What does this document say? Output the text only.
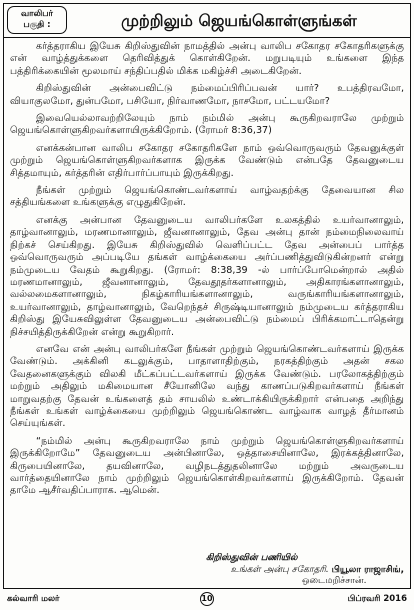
வாலிபர்
பகுதி :	முற்றிலும் ஜெயங்கொள்ளுங்கள்

கர்த்தராகிய இயேசு கிறிஸ்துவின் நாமத்தில் அன்பு வாலிப சகோதர சகோதரிகளுக்கு என் வாழ்த்துக்களை தெரிவித்துக் கொள்கிறேன். மறுபடியும் உங்களை இந்த பத்திரிக்கையின் மூலமாய் சந்திப்பதில் மிக்க மகிழ்ச்சி அடைகிறேன்.

கிறிஸ்துவின் அன்பைவிட்டு நம்மைப்பிரிப்பவன் யார்? உபத்திரவமோ, வியாகுலமோ, துன்பமோ, பசியோ, நிர்வாணமோ, நாசமோ, பட்டயமோ?

இவையெல்லாவற்றிலேயும் நாம் நம்மில் அன்பு கூருகிறவராலே முற்றும் ஜெயங்கொள்ளுகிறவர்களாயிருக்கிறோம். (ரோமர் 8:36,37)

எனக்கன்பான வாலிப சகோதர சகோதரிகளே நாம் ஒவ்வொருவரும் தேவனுக்குள் முற்றும் ஜெயங்கொள்ளுகிறவர்களாக இருக்க வேண்டும் என்பதே தேவனுடைய சித்தமாயும், கர்த்தரின் எதிர்பார்ப்பாயும் இருக்கிறது.

நீங்கள் முற்றும் ஜெயங்கொண்டவர்களாய் வாழ்வதற்க்கு தேவையான சில சத்தியங்களை உங்களுக்கு எழுதுகிறேன்.

எனக்கு அன்பான தேவனுடைய வாலிபர்களே உலகத்தில் உயர்வானாலும், தாழ்வானாலும், மரணமானாலும், ஜீவனானாலும், தேவ அன்பு தான் நம்மைநிலைவாய் நிற்கச் செய்கிறது. இயேசு கிறிஸ்துவில் வெளிப்பட்ட தேவ அன்பைப் பார்த்த ஒவ்வொருவரும் அப்படியே தங்கள் வாழ்க்கையை அர்ப்பணித்துவிடுகின்றனர் என்று நம்முடைய வேதம் கூறுகிறது. (ரோமர்: 8:38,39 -ல் பார்ப்போமென்றால் அதில் மரணமானாலும், ஜீவனானாலும், தேவதூதர்களானாலும், அதிகாரங்களானாலும், வல்லமைகளானாலும், நிகழ்காரியங்களானாலும், வருங்காரியங்களானாலும், உயர்வானாலும், தாழ்வானாலும், வேறெந்தச் சிருஷ்டியானாலும் நம்முடைய கர்த்தராகிய கிறிஸ்து இயேசுவிலுள்ள தேவனுடைய அன்பைவிட்டு நம்மைப் பிரிக்கமாட்டாதென்று நிச்சயித்திருக்கிறேன் என்று கூறுகிறார்.

எனவே என் அன்பு வாலிபர்களே நீங்கள் முற்றும் ஜெயங்கொண்டவர்களாய் இருக்க வேண்டும். அக்கினி கடலுக்கும், பாதாளாதிற்கும், நரகத்திற்கும் அதன் சகல வேதனைகளுக்கும் விலகி மீட்கப்பட்டவர்களாய் இருக்க வேண்டும். பரலோகத்திற்கும் மற்றும் அதிலும் மகிமையான சீயோனிலே வந்து காணப்படுகிறவர்களாய் நீங்கள் மாறுவதற்கு தேவன் உங்களைத் தம் சாயலில் உண்டாக்கியிருக்கிறார் என்பதை அறிந்து நீங்கள் உங்கள் வாழ்க்கையை முற்றிலும் ஜெயங்கொண்ட வாழ்வாக வாழத் தீர்மானம் செய்யுங்கள்.

“நம்மில் அன்பு கூருகிறவராலே நாம் முற்றும் ஜெயங்கொள்ளுகிறவர்களாய் இருக்கிறோமே” தேவனுடைய அன்பினாலே, ஒத்தாசையினாலே, இரக்கத்தினாலே, கிருபையினாலே, தயவினாலே, வழிநடத்துதலினாலே மற்றும் அவருடைய வார்த்தையினாலே நாம் முற்றிலும் ஜெயங்கொள்கிறவர்களாய் இருக்கிறோம். தேவன் தாமே ஆசீர்வதிப்பாராக. ஆமென்.

கிறிஸ்துவின் பணியில்
உங்கள் அன்பு சகோதரி. பியூலா ராஜாசிங்,
ஒடைமறிச்சான்.
கல்வாரி மலர்	10	பிப்ரவரி 2016
